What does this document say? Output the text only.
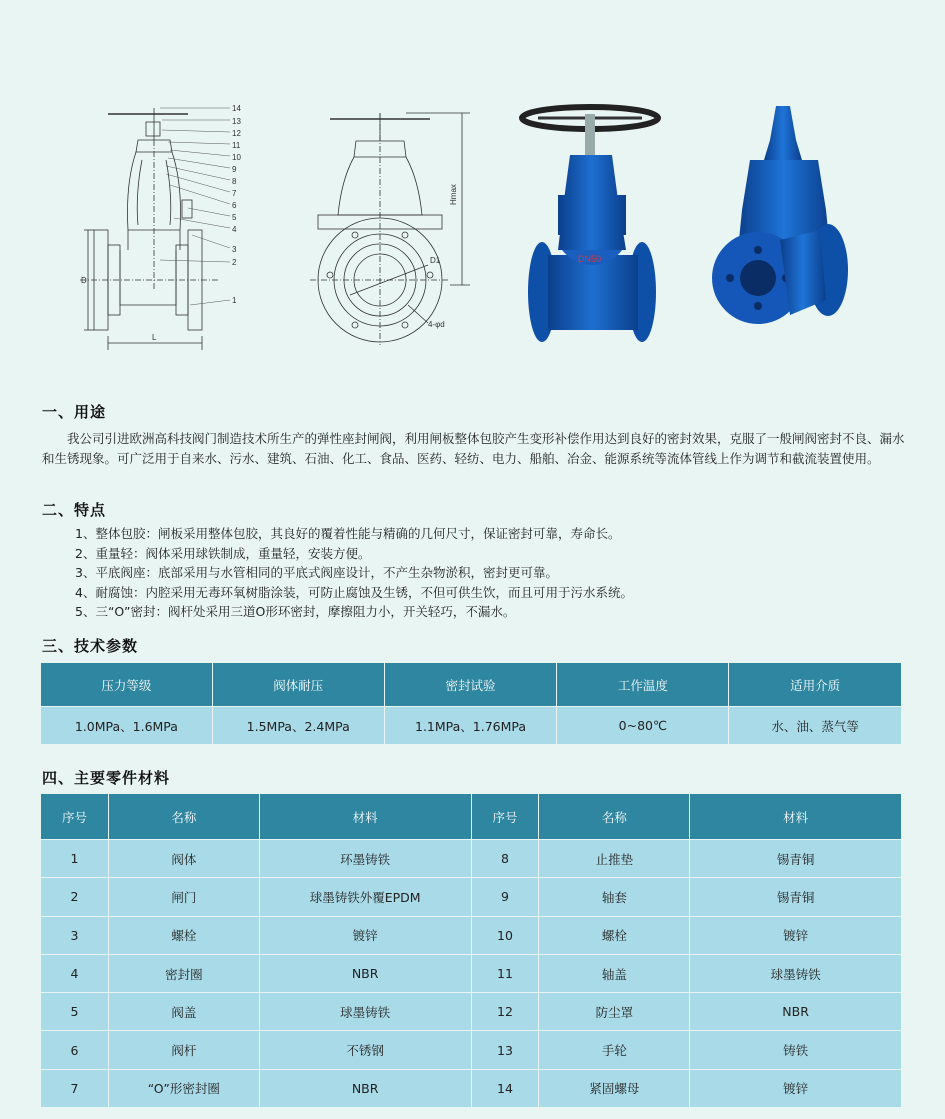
14
13
12
11
10
9
8
7
6
5
4
3
2
1
D
L
D1
4-φd
Hmax
DN50
一、用途
我公司引进欧洲高科技阀门制造技术所生产的弹性座封闸阀，利用闸板整体包胶产生变形补偿作用达到良好的密封效果，克服了一般闸阀密封不良、漏水和生锈现象。可广泛用于自来水、污水、建筑、石油、化工、食品、医药、轻纺、电力、船舶、冶金、能源系统等流体管线上作为调节和截流装置使用。
二、特点
1、整体包胶：闸板采用整体包胶，其良好的覆着性能与精确的几何尺寸，保证密封可靠，寿命长。
2、重量轻：阀体采用球铁制成，重量轻，安装方便。
3、平底阀座：底部采用与水管相同的平底式阀座设计，不产生杂物淤积，密封更可靠。
4、耐腐蚀：内腔采用无毒环氧树脂涂装，可防止腐蚀及生锈，不但可供生饮，而且可用于污水系统。
5、三“O”密封：阀杆处采用三道O形环密封，摩擦阻力小，开关轻巧，不漏水。
三、技术参数
压力等级	阀体耐压	密封试验	工作温度	适用介质
1.0MPa、1.6MPa	1.5MPa、2.4MPa	1.1MPa、1.76MPa	0~80℃	水、油、蒸气等
四、主要零件材料
序号	名称	材料	序号	名称	材料
1	阀体	环墨铸铁	8	止推垫	锡青铜
2	闸门	球墨铸铁外覆EPDM	9	轴套	锡青铜
3	螺栓	镀锌	10	螺栓	镀锌
4	密封圈	NBR	11	轴盖	球墨铸铁
5	阀盖	球墨铸铁	12	防尘罩	NBR
6	阀杆	不锈钢	13	手轮	铸铁
7	“O”形密封圈	NBR	14	紧固螺母	镀锌
